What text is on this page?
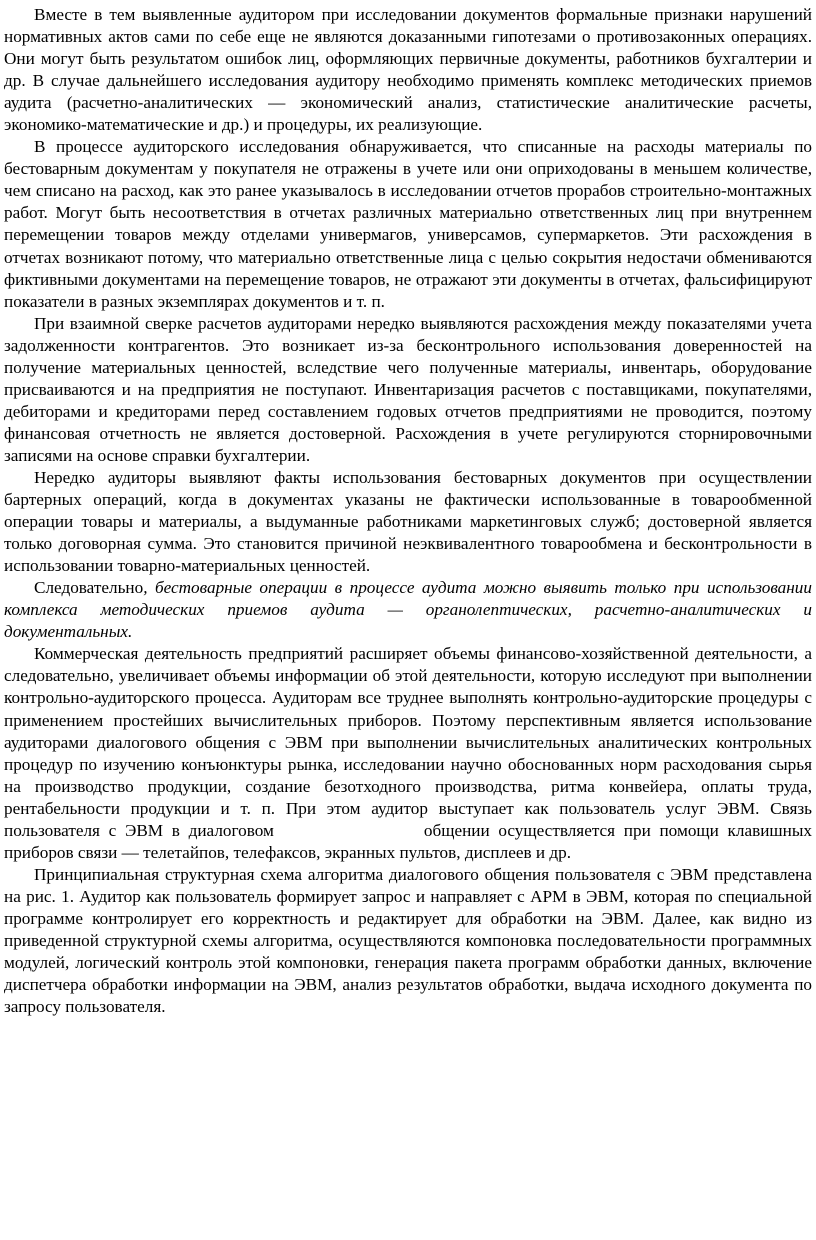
Вместе в тем выявленные аудитором при исследовании документов формальные признаки нарушений нормативных актов сами по себе еще не являются доказанными гипотезами о противозаконных операциях. Они могут быть результатом ошибок лиц, оформляющих первичные документы, работников бухгалтерии и др. В случае дальнейшего исследования аудитору необходимо применять комплекс методических приемов аудита (расчетно-аналитических — экономический анализ, статистические аналитические расчеты, экономико-математические и др.) и процедуры, их реализующие.

В процессе аудиторского исследования обнаруживается, что списанные на расходы материалы по бестоварным документам у покупателя не отражены в учете или они оприходованы в меньшем количестве, чем списано на расход, как это ранее указывалось в исследовании отчетов прорабов строительно-монтажных работ. Могут быть несоответствия в отчетах различных материально ответственных лиц при внутреннем перемещении товаров между отделами универмагов, универсамов, супермаркетов. Эти расхождения в отчетах возникают потому, что материально ответственные лица с целью сокрытия недостачи обмениваются фиктивными документами на перемещение товаров, не отражают эти документы в отчетах, фальсифицируют показатели в разных экземплярах документов и т. п.

При взаимной сверке расчетов аудиторами нередко выявляются расхождения между показателями учета задолженности контрагентов. Это возникает из-за бесконтрольного использования доверенностей на получение материальных ценностей, вследствие чего полученные материалы, инвентарь, оборудование присваиваются и на предприятия не поступают. Инвентаризация расчетов с поставщиками, покупателями, дебиторами и кредиторами перед составлением годовых отчетов предприятиями не проводится, поэтому финансовая отчетность не является достоверной. Расхождения в учете регулируются сторнировочными записями на основе справки бухгалтерии.

Нередко аудиторы выявляют факты использования бестоварных документов при осуществлении бартерных операций, когда в документах указаны не фактически использованные в товарообменной операции товары и материалы, а выдуманные работниками маркетинговых служб; достоверной является только договорная сумма. Это становится причиной неэквивалентного товарообмена и бесконтрольности в использовании товарно-материальных ценностей.

Следовательно, бестоварные операции в процессе аудита можно выявить только при использовании комплекса методических приемов аудита — органолептических, расчетно-аналитических и документальных.

Коммерческая деятельность предприятий расширяет объемы финансово-хозяйственной деятельности, а следовательно, увеличивает объемы информации об этой деятельности, которую исследуют при выполнении контрольно-аудиторского процесса. Аудиторам все труднее выполнять контрольно-аудиторские процедуры с применением простейших вычислительных приборов. Поэтому перспективным является использование аудиторами диалогового общения с ЭВМ при выполнении вычислительных аналитических контрольных процедур по изучению конъюнктуры рынка, исследовании научно обоснованных норм расходования сырья на производство продукции, создание безотходного производства, ритма конвейера, оплаты труда, рентабельности продукции и т. п. При этом аудитор выступает как пользователь услуг ЭВМ. Связь пользователя с ЭВМ в диалоговом	общении осуществляется при помощи клавишных приборов связи — телетайпов, телефаксов, экранных пультов, дисплеев и др.

Принципиальная структурная схема алгоритма диалогового общения пользователя с ЭВМ представлена на рис. 1. Аудитор как пользователь формирует запрос и направляет с АРМ в ЭВМ, которая по специальной программе контролирует его корректность и редактирует для обработки на ЭВМ. Далее, как видно из приведенной структурной схемы алгоритма, осуществляются компоновка последовательности программных модулей, логический контроль этой компоновки, генерация пакета программ обработки данных, включение диспетчера обработки информации на ЭВМ, анализ результатов обработки, выдача исходного документа по запросу пользователя.
